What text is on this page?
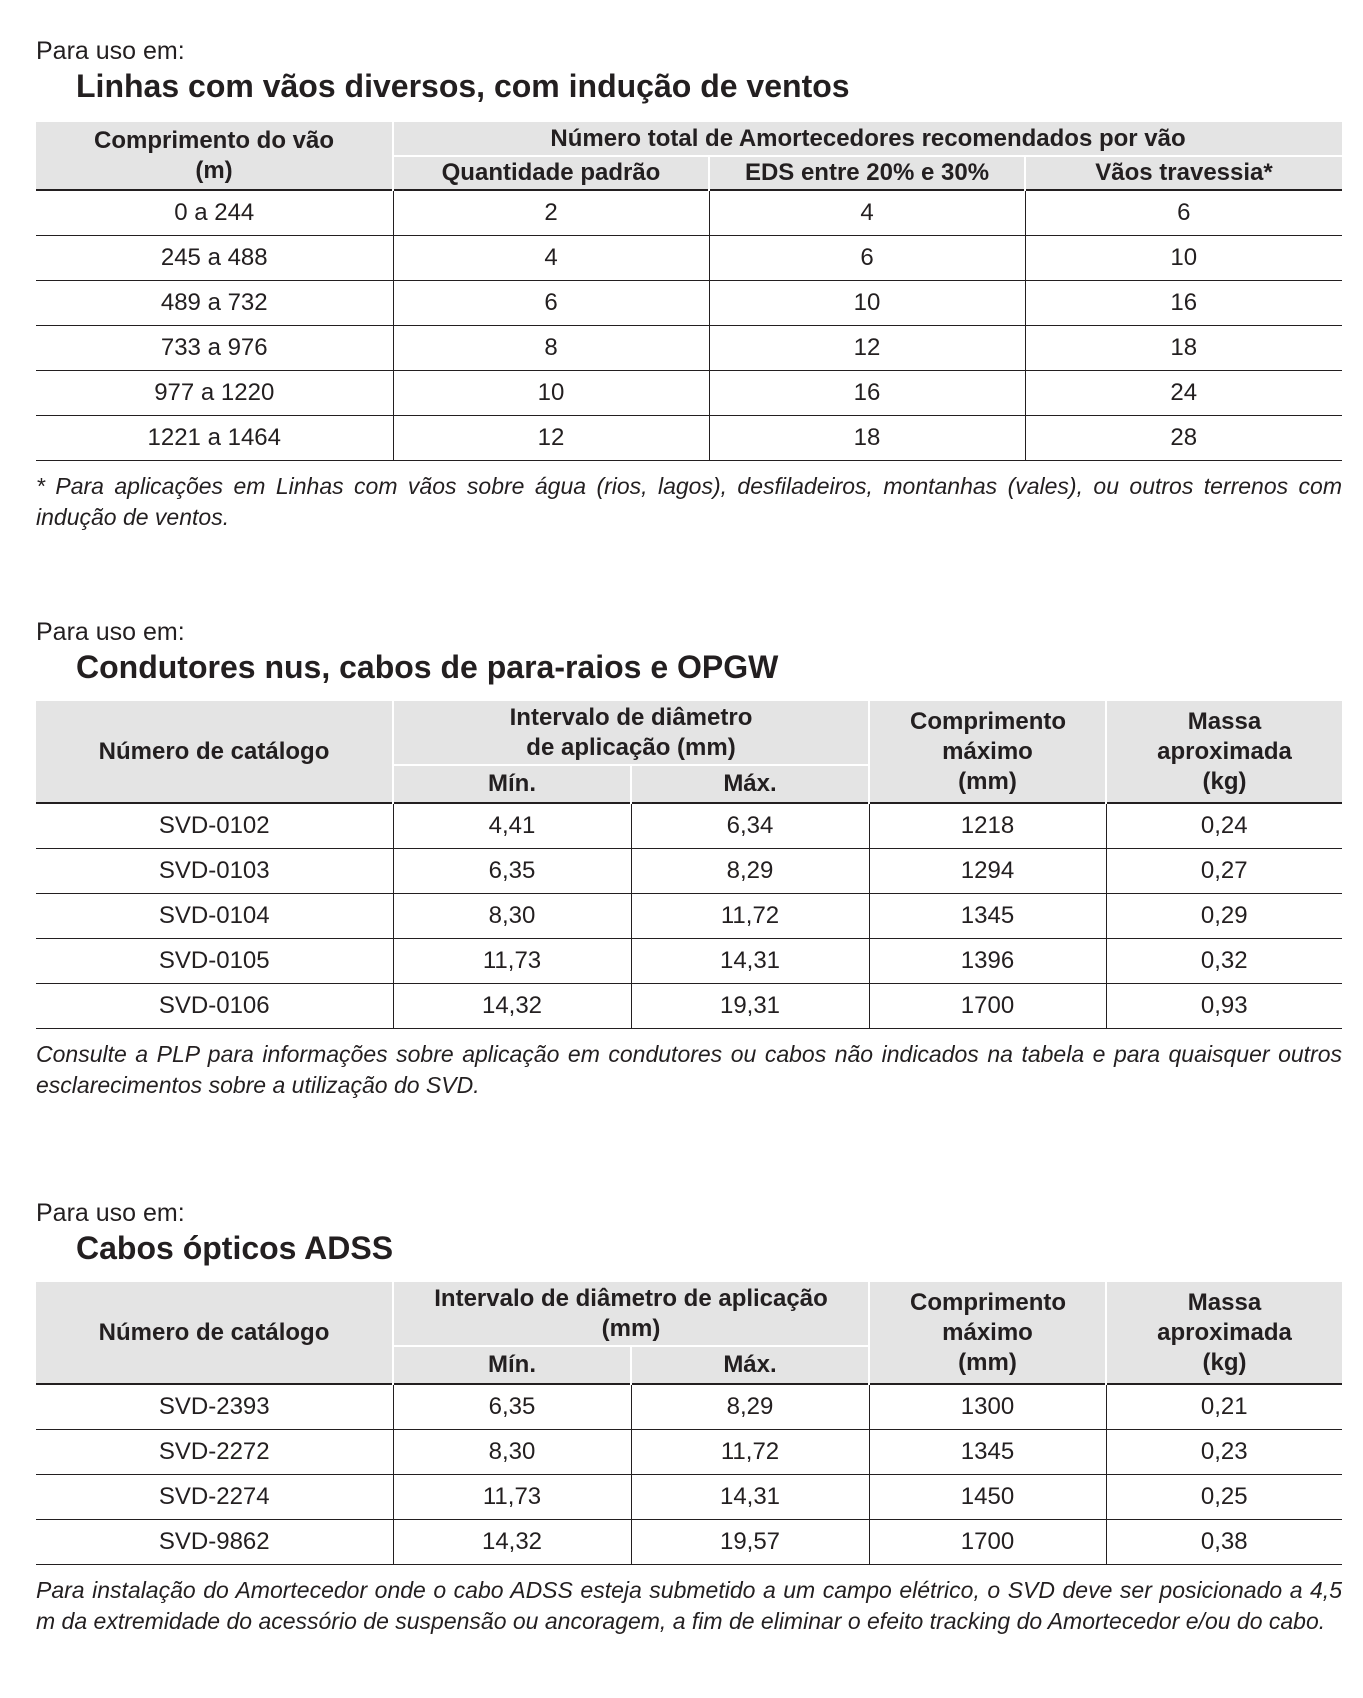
Para uso em:

Linhas com vãos diversos, com indução de ventos
Comprimento do vão (m)	Número total de Amortecedores recomendados por vão		
	Quantidade padrão	EDS entre 20% e 30%	Vãos travessia*
0 a 244	2	4	6
245 a 488	4	6	10
489 a 732	6	10	16
733 a 976	8	12	18
977 a 1220	10	16	24
1221 a 1464	12	18	28

* Para aplicações em Linhas com vãos sobre água (rios, lagos), desfiladeiros, montanhas (vales), ou outros terrenos com indução de ventos.

Para uso em:

Condutores nus, cabos de para-raios e OPGW
Número de catálogo	Intervalo de diâmetro de aplicação (mm)		Comprimento máximo (mm)	Massa aproximada (kg)
	Mín.	Máx.		
SVD-0102	4,41	6,34	1218	0,24
SVD-0103	6,35	8,29	1294	0,27
SVD-0104	8,30	11,72	1345	0,29
SVD-0105	11,73	14,31	1396	0,32
SVD-0106	14,32	19,31	1700	0,93

Consulte a PLP para informações sobre aplicação em condutores ou cabos não indicados na tabela e para quaisquer outros esclarecimentos sobre a utilização do SVD.

Para uso em:

Cabos ópticos ADSS
Número de catálogo	Intervalo de diâmetro de aplicação (mm)		Comprimento máximo (mm)	Massa aproximada (kg)
	Mín.	Máx.		
SVD-2393	6,35	8,29	1300	0,21
SVD-2272	8,30	11,72	1345	0,23
SVD-2274	11,73	14,31	1450	0,25
SVD-9862	14,32	19,57	1700	0,38

Para instalação do Amortecedor onde o cabo ADSS esteja submetido a um campo elétrico, o SVD deve ser posicionado a 4,5 m da extremidade do acessório de suspensão ou ancoragem, a fim de eliminar o efeito tracking do Amortecedor e/ou do cabo.
